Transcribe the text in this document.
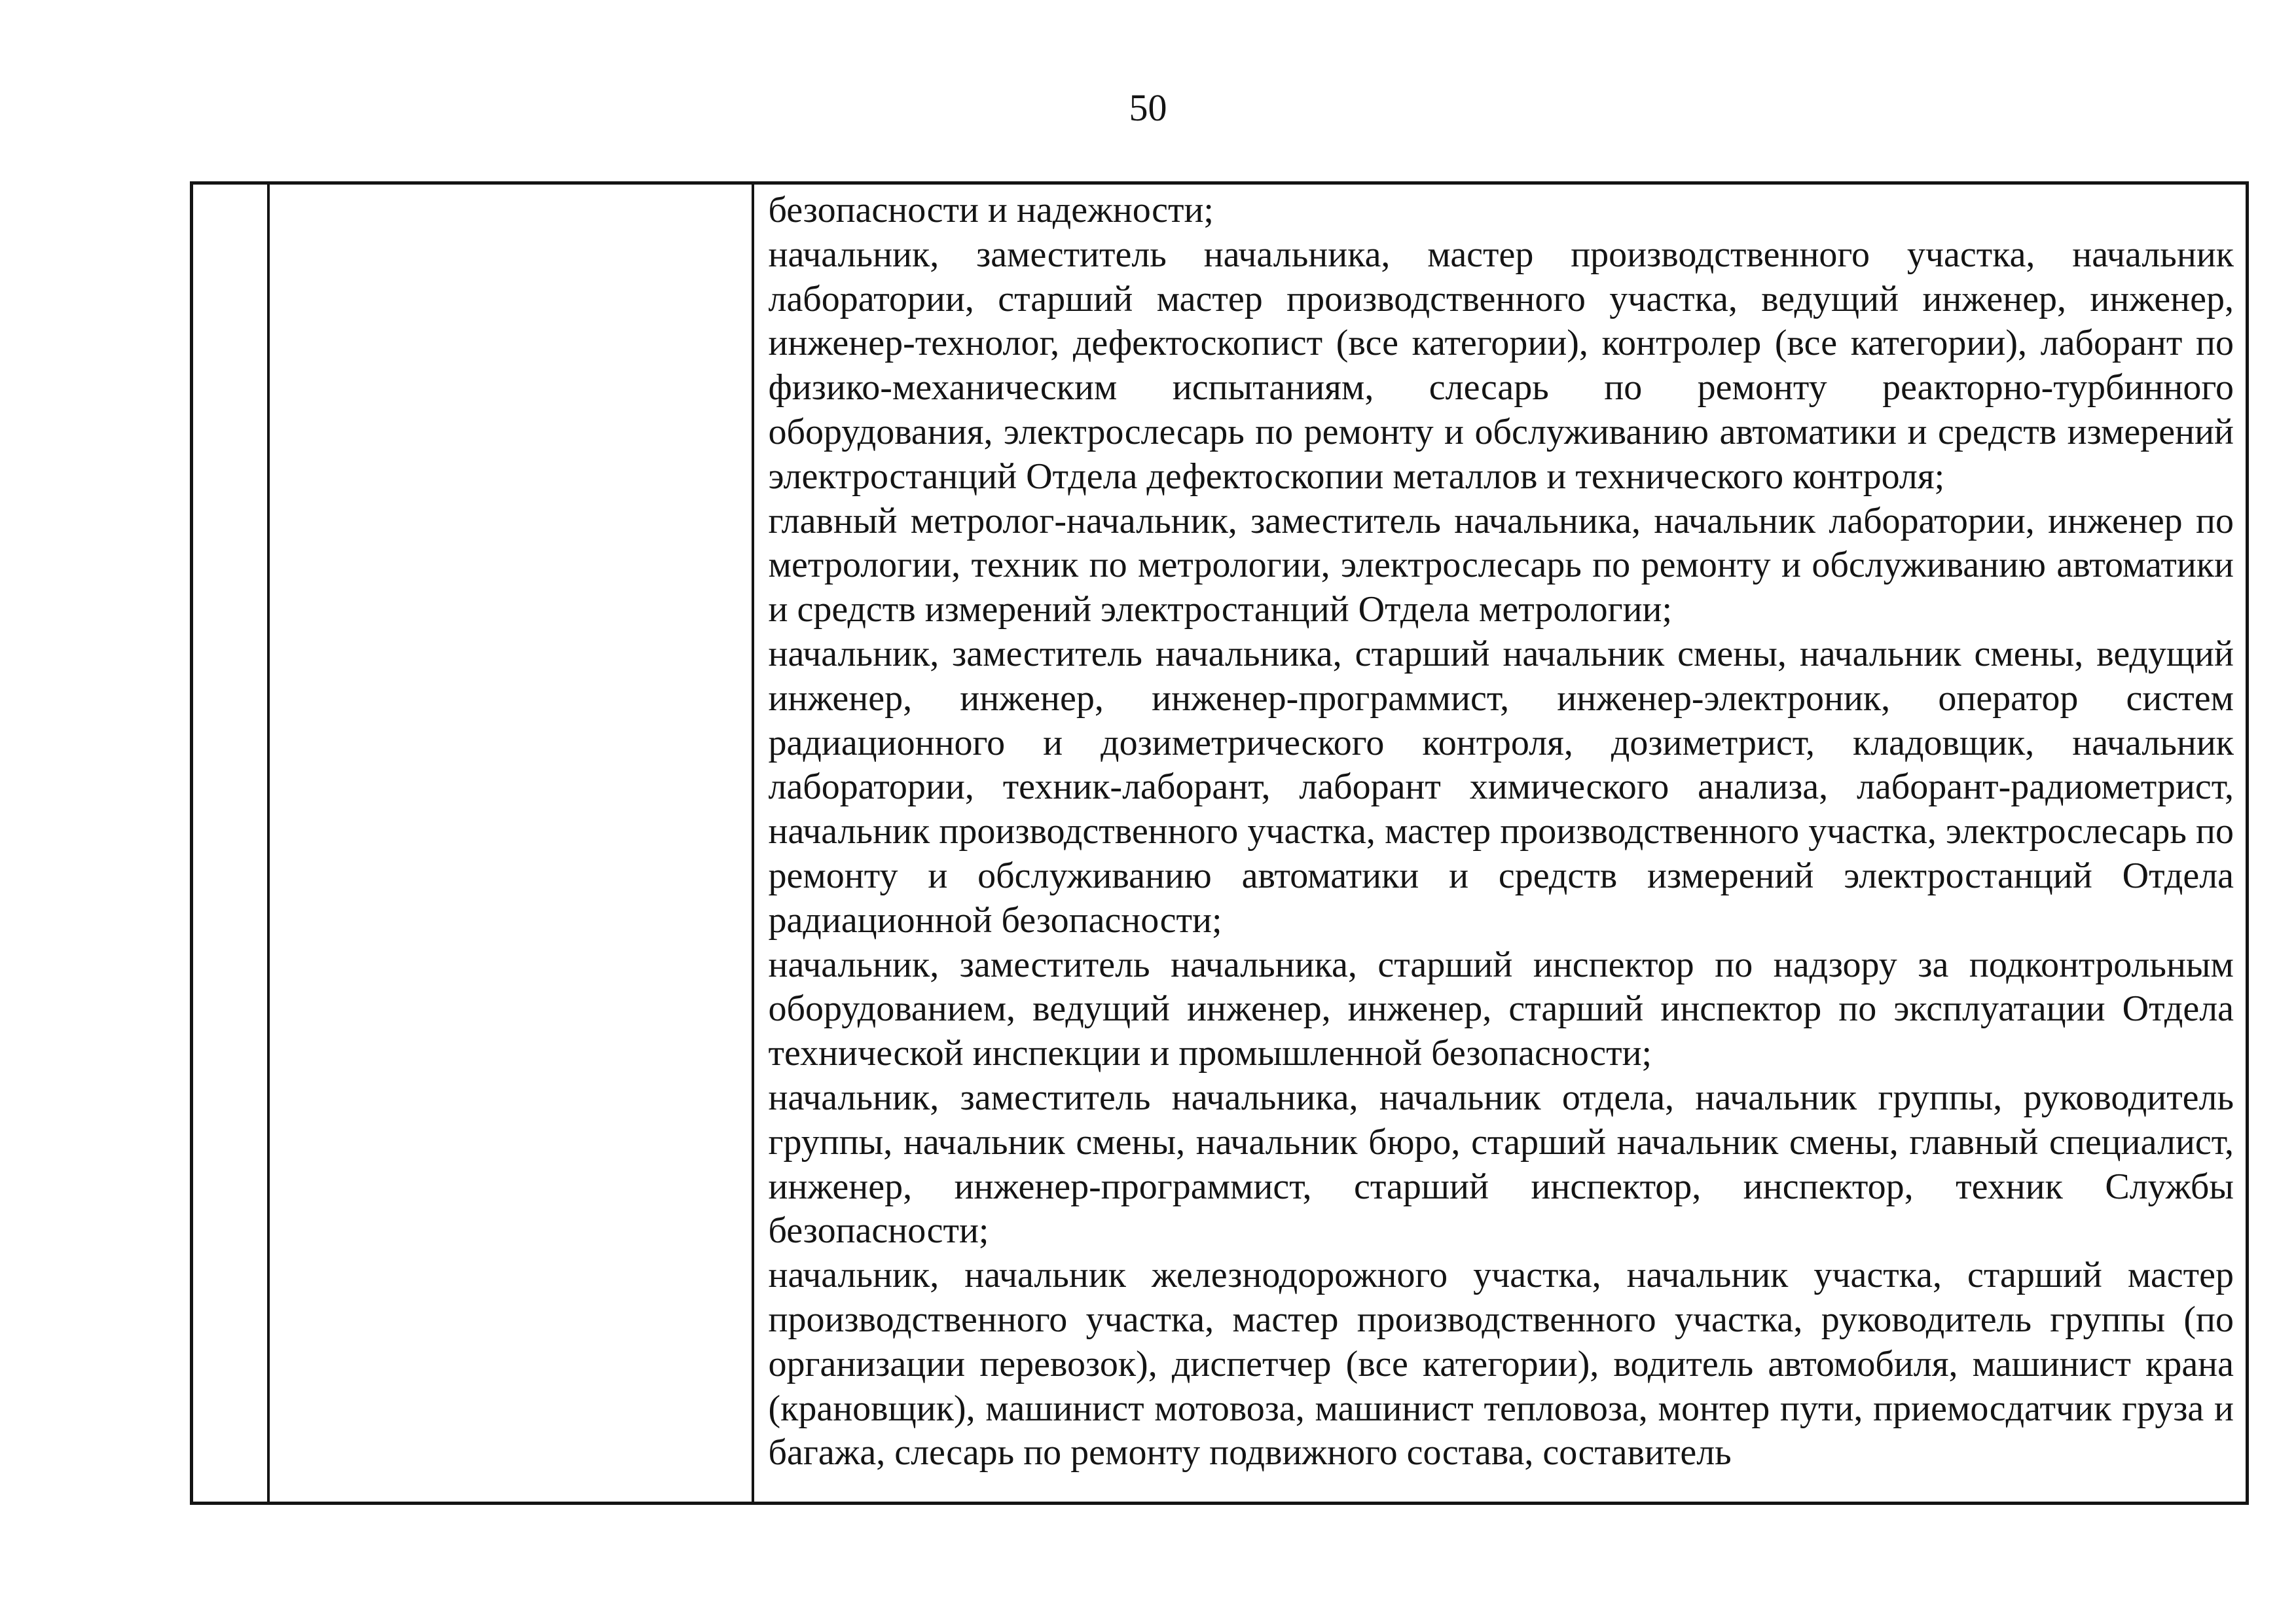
50

безопасности и надежности;

начальник, заместитель начальника, мастер производственного участка, начальник лаборатории, старший мастер производственного участка, ведущий инженер, инженер, инженер-технолог, дефектоскопист (все категории), контролер (все категории), лаборант по физико-механическим испытаниям, слесарь по ремонту реакторно-турбинного оборудования, электрослесарь по ремонту и обслуживанию автоматики и средств измерений электростанций Отдела дефектоскопии металлов и технического контроля;

главный метролог-начальник, заместитель начальника, начальник лаборатории, инженер по метрологии, техник по метрологии, электрослесарь по ремонту и обслуживанию автоматики и средств измерений электростанций Отдела метрологии;

начальник, заместитель начальника, старший начальник смены, начальник смены, ведущий инженер, инженер, инженер-программист, инженер-электроник, оператор систем радиационного и дозиметрического контроля, дозиметрист, кладовщик, начальник лаборатории, техник-лаборант, лаборант химического анализа, лаборант-радиометрист, начальник производственного участка, мастер производственного участка, электрослесарь по ремонту и обслуживанию автоматики и средств измерений электростанций Отдела радиационной безопасности;

начальник, заместитель начальника, старший инспектор по надзору за подконтрольным оборудованием, ведущий инженер, инженер, старший инспектор по эксплуатации Отдела технической инспекции и промышленной безопасности;

начальник, заместитель начальника, начальник отдела, начальник группы, руководитель группы, начальник смены, начальник бюро, старший начальник смены, главный специалист, инженер, инженер-программист, старший инспектор, инспектор, техник Службы безопасности;

начальник, начальник железнодорожного участка, начальник участка, старший мастер производственного участка, мастер производственного участка, руководитель группы (по организации перевозок), диспетчер (все категории), водитель автомобиля, машинист крана (крановщик), машинист мотовоза, машинист тепловоза, монтер пути, приемосдатчик груза и багажа, слесарь по ремонту подвижного состава, составитель
